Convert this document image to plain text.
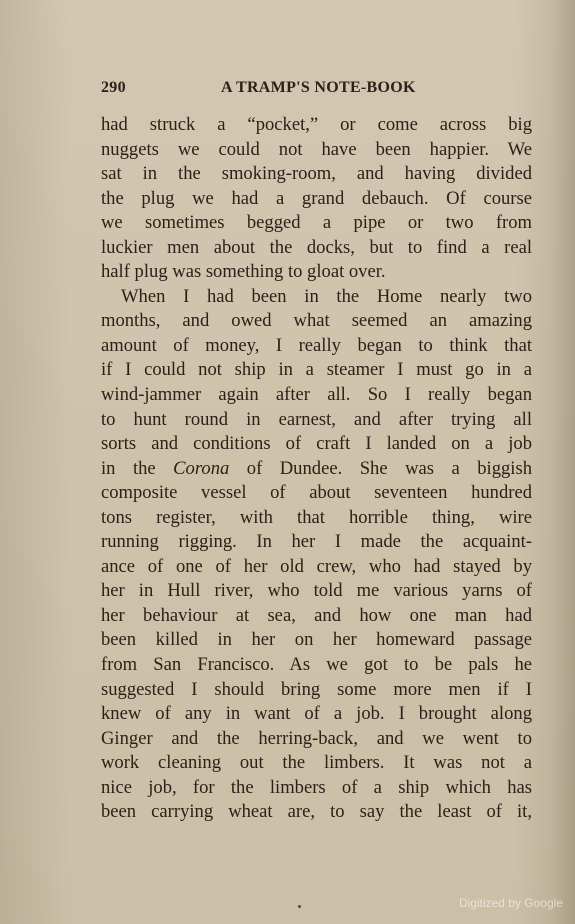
290	A TRAMP'S NOTE-BOOK
had struck a “pocket,” or come across big
nuggets we could not have been happier. We
sat in the smoking-room, and having divided
the plug we had a grand debauch. Of course
we sometimes begged a pipe or two from
luckier men about the docks, but to find a real
half plug was something to gloat over.
When I had been in the Home nearly two
months, and owed what seemed an amazing
amount of money, I really began to think that
if I could not ship in a steamer I must go in a
wind-jammer again after all. So I really began
to hunt round in earnest, and after trying all
sorts and conditions of craft I landed on a job
in the Corona of Dundee. She was a biggish
composite vessel of about seventeen hundred
tons register, with that horrible thing, wire
running rigging. In her I made the acquaint-
ance of one of her old crew, who had stayed by
her in Hull river, who told me various yarns of
her behaviour at sea, and how one man had
been killed in her on her homeward passage
from San Francisco. As we got to be pals he
suggested I should bring some more men if I
knew of any in want of a job. I brought along
Ginger and the herring-back, and we went to
work cleaning out the limbers. It was not a
nice job, for the limbers of a ship which has
been carrying wheat are, to say the least of it,
Digitized by Google
